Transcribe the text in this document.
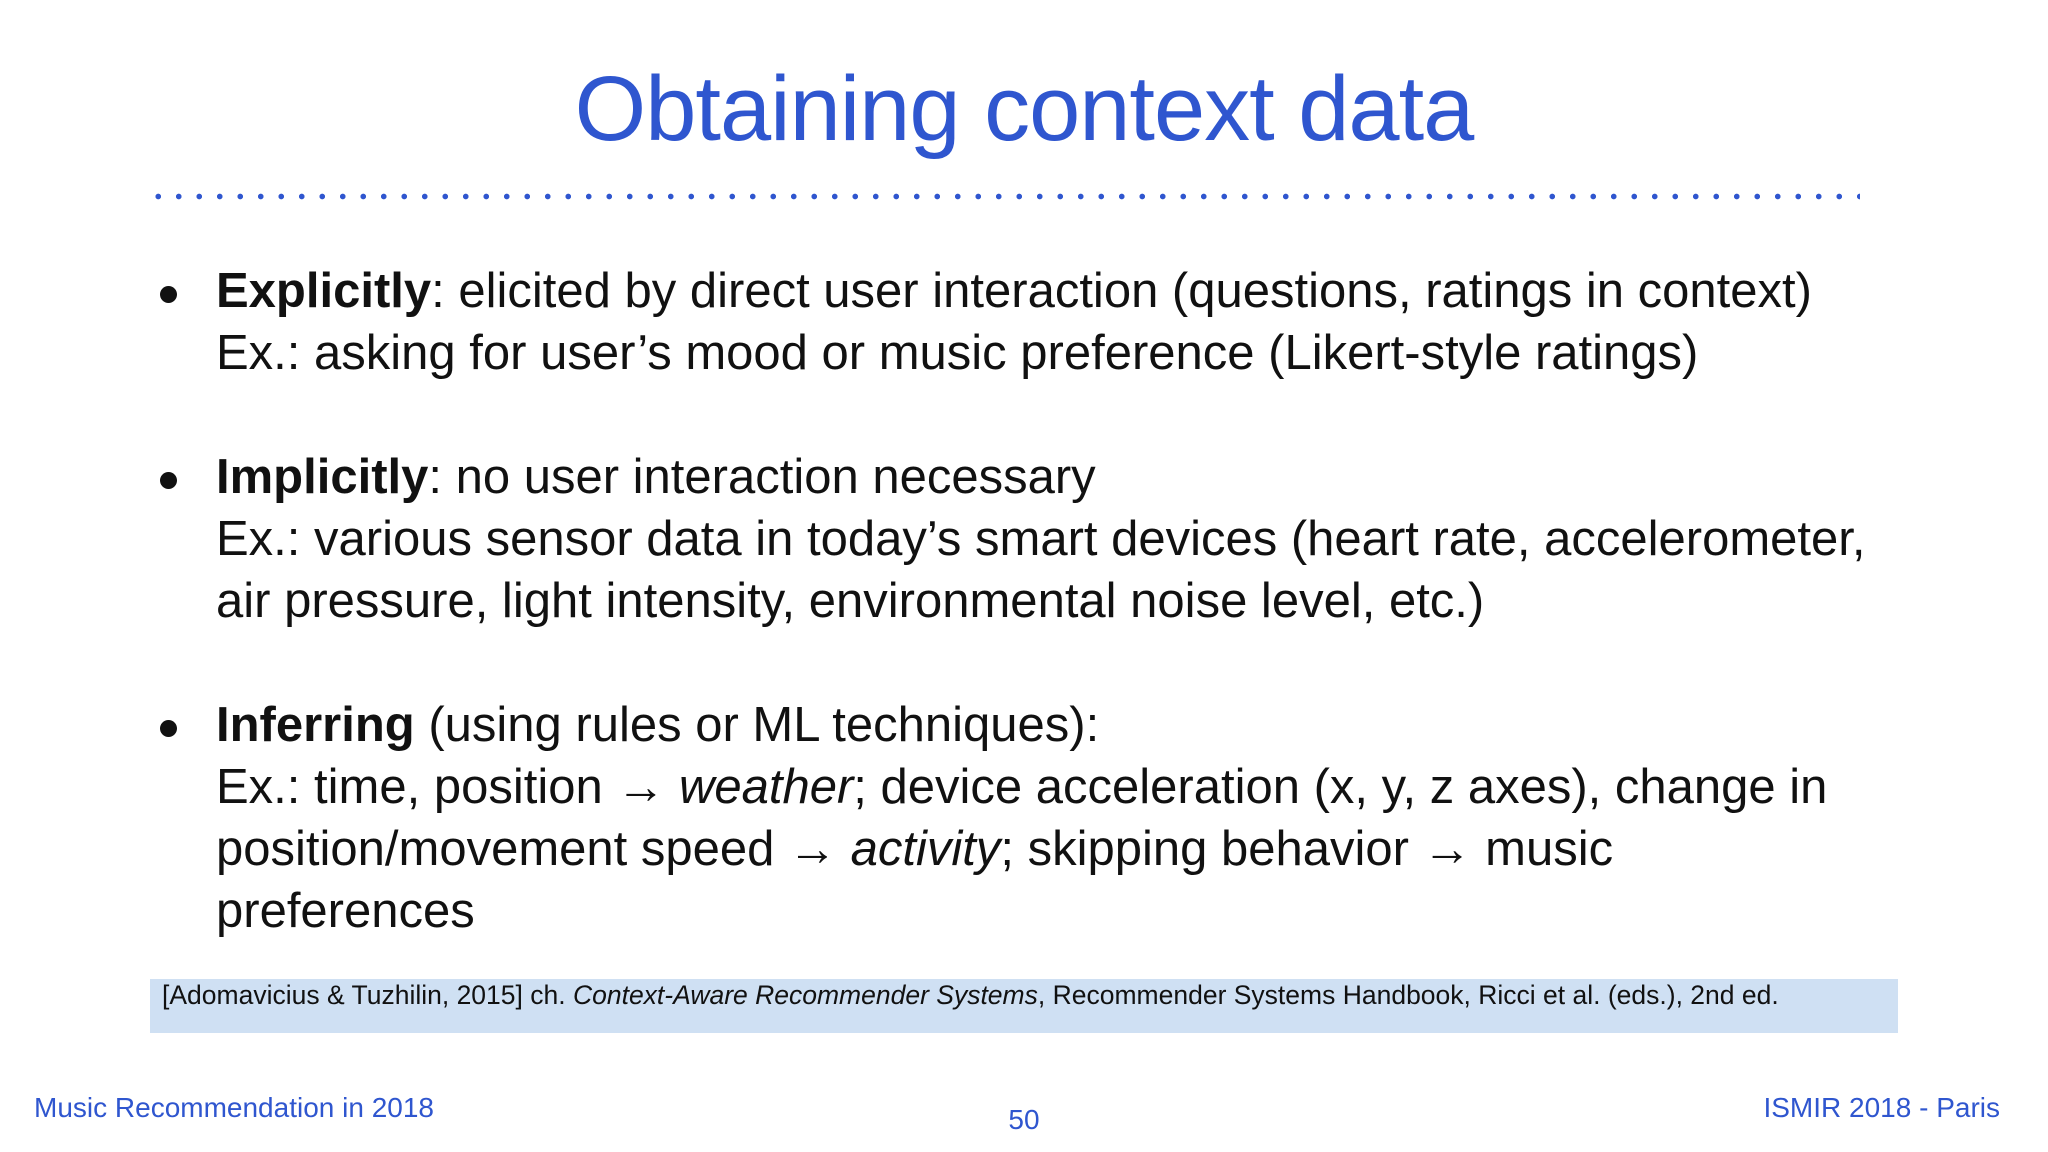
Obtaining context data
Explicitly: elicited by direct user interaction (questions, ratings in context)
Ex.: asking for user’s mood or music preference (Likert-style ratings)
Implicitly: no user interaction necessary
Ex.: various sensor data in today’s smart devices (heart rate, accelerometer,
air pressure, light intensity, environmental noise level, etc.)
Inferring (using rules or ML techniques):
Ex.: time, position → weather; device acceleration (x, y, z axes), change in
position/movement speed → activity; skipping behavior → music
preferences
[Adomavicius & Tuzhilin, 2015] ch. Context-Aware Recommender Systems, Recommender Systems Handbook, Ricci et al. (eds.), 2nd ed.
Music Recommendation in 2018	50	ISMIR 2018 - Paris
